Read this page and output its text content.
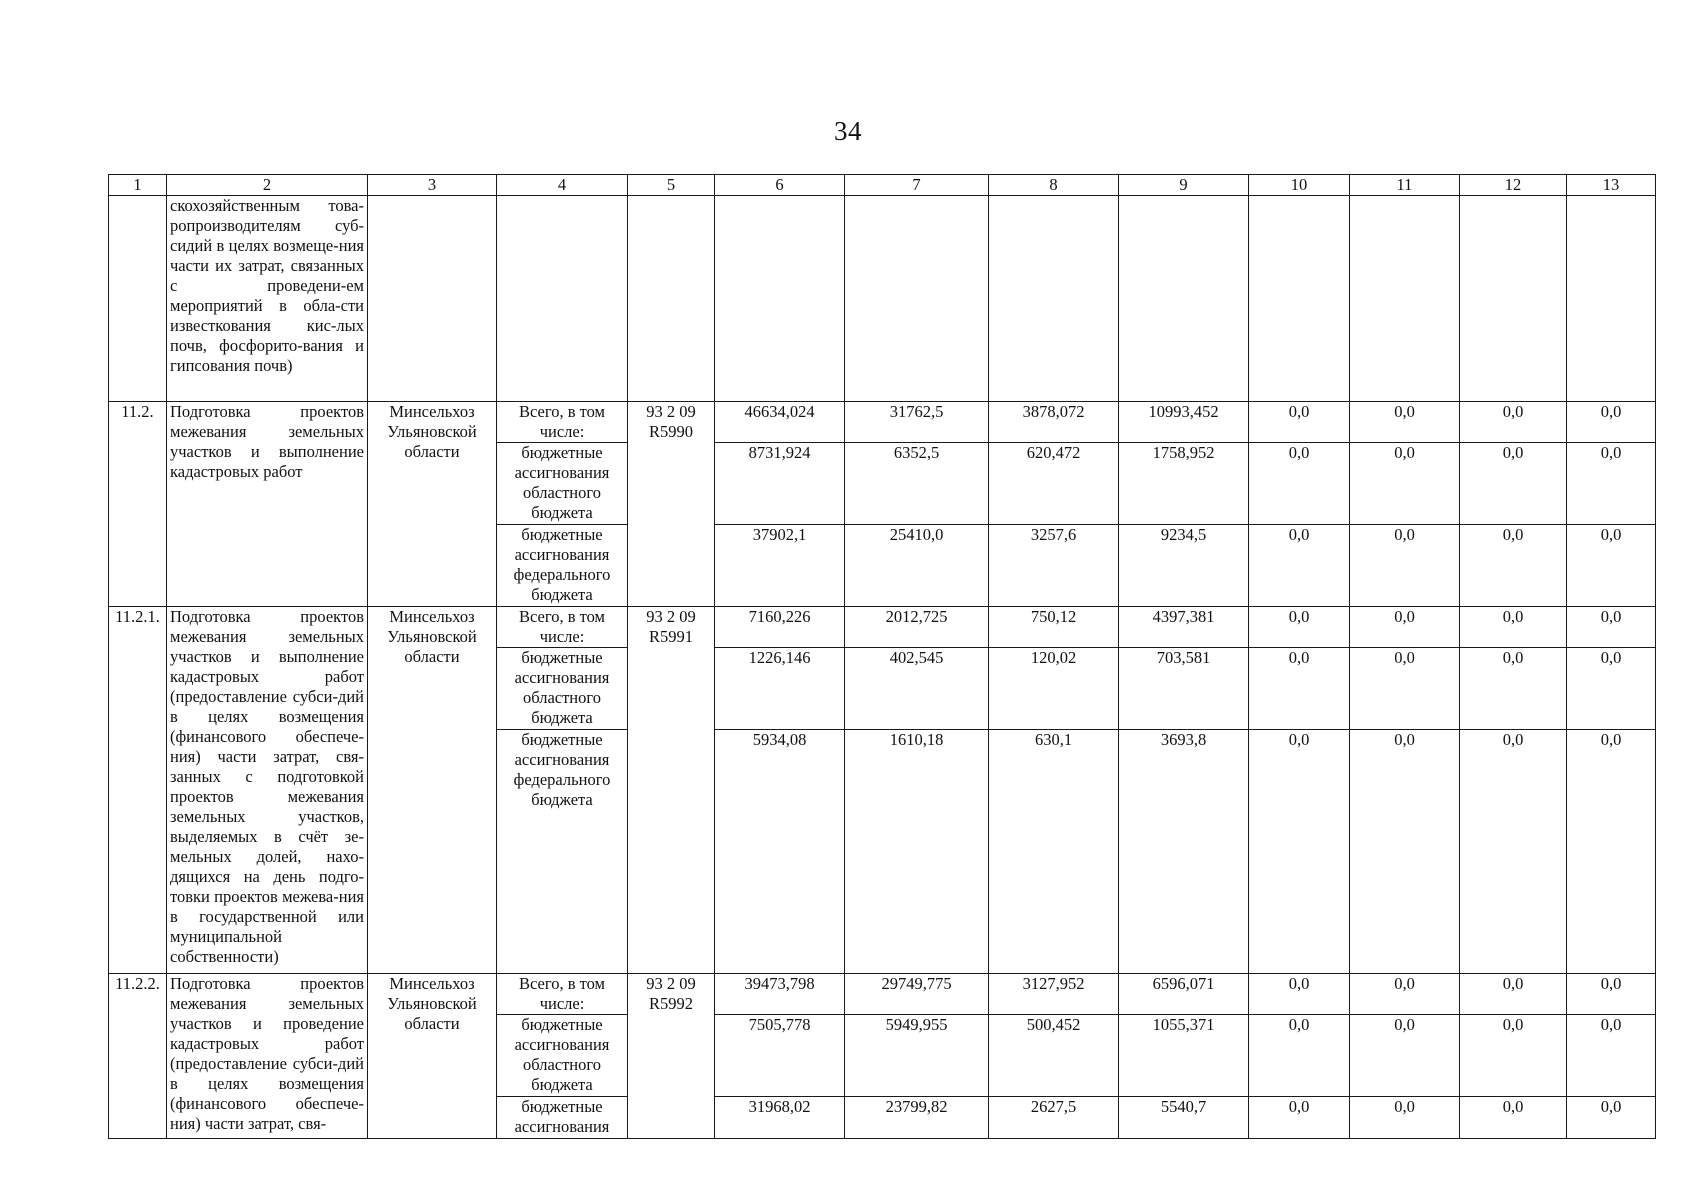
34
1	2	3	4	5	6	7	8	9	10	11	12	13
	скохозяйственным това-ропроизводителям суб-сидий в целях возмеще-ния части их затрат, связанных с проведени-ем мероприятий в обла-сти известкования кис-лых почв, фосфорито-вания и гипсования почв)											
11.2.	Подготовка проектов межевания земельных участков и выполнение кадастровых работ	Минсельхоз Ульяновской области	Всего, в том числе:	93 2 09 R5990	46634,024	31762,5	3878,072	10993,452	0,0	0,0	0,0	0,0
			бюджетные ассигнования областного бюджета		8731,924	6352,5	620,472	1758,952	0,0	0,0	0,0	0,0
			бюджетные ассигнования федерального бюджета		37902,1	25410,0	3257,6	9234,5	0,0	0,0	0,0	0,0
11.2.1.	Подготовка проектов межевания земельных участков и выполнение кадастровых работ (предоставление субси-дий в целях возмещения (финансового обеспече-ния) части затрат, свя-занных с подготовкой проектов межевания земельных участков, выделяемых в счёт зе-мельных долей, нахо-дящихся на день подго-товки проектов межева-ния в государственной или муниципальной собственности)	Минсельхоз Ульяновской области	Всего, в том числе:	93 2 09 R5991	7160,226	2012,725	750,12	4397,381	0,0	0,0	0,0	0,0
			бюджетные ассигнования областного бюджета		1226,146	402,545	120,02	703,581	0,0	0,0	0,0	0,0
			бюджетные ассигнования федерального бюджета		5934,08	1610,18	630,1	3693,8	0,0	0,0	0,0	0,0
11.2.2.	Подготовка проектов межевания земельных участков и проведение кадастровых работ (предоставление субси-дий в целях возмещения (финансового обеспече-ния) части затрат, свя-	Минсельхоз Ульяновской области	Всего, в том числе:	93 2 09 R5992	39473,798	29749,775	3127,952	6596,071	0,0	0,0	0,0	0,0
			бюджетные ассигнования областного бюджета		7505,778	5949,955	500,452	1055,371	0,0	0,0	0,0	0,0
			бюджетные ассигнования		31968,02	23799,82	2627,5	5540,7	0,0	0,0	0,0	0,0
